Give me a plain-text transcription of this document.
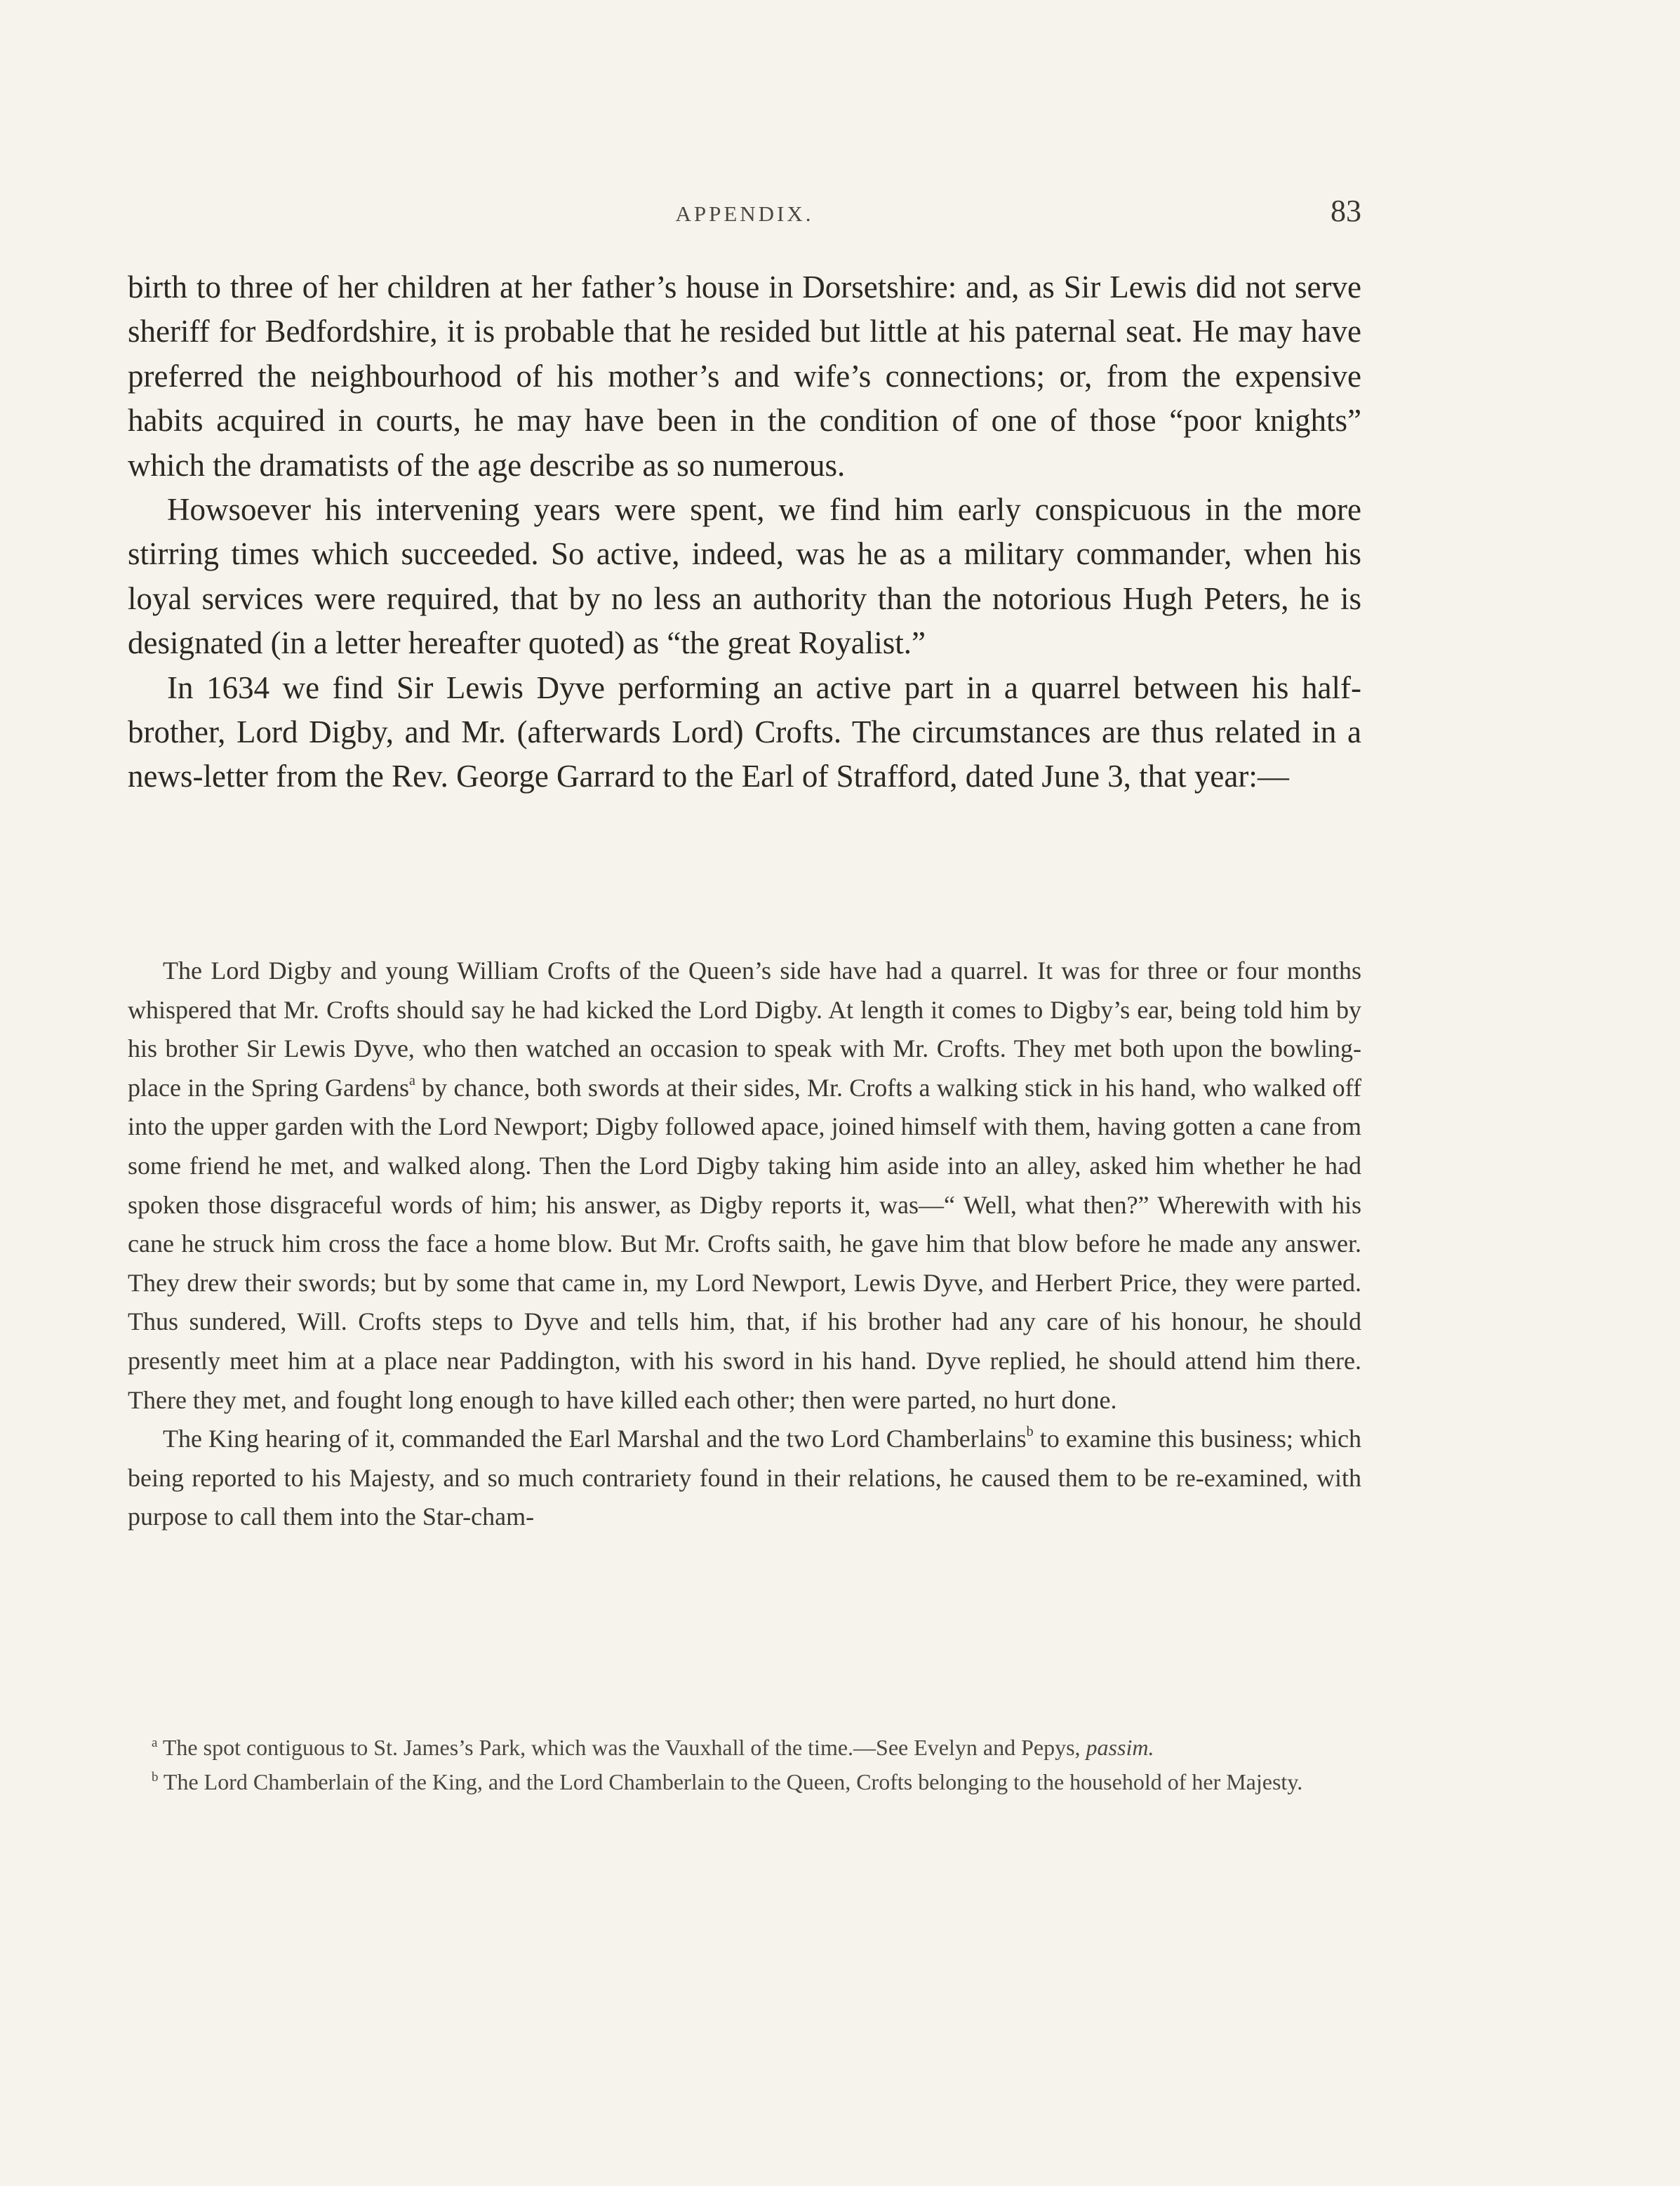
APPENDIX.	83

birth to three of her children at her father’s house in Dorsetshire: and, as Sir Lewis did not serve sheriff for Bedfordshire, it is probable that he resided but little at his paternal seat. He may have preferred the neighbourhood of his mother’s and wife’s connections; or, from the expensive habits acquired in courts, he may have been in the condition of one of those “poor knights” which the dramatists of the age describe as so numerous.

Howsoever his intervening years were spent, we find him early conspicuous in the more stirring times which succeeded. So active, indeed, was he as a military commander, when his loyal services were required, that by no less an authority than the notorious Hugh Peters, he is designated (in a letter hereafter quoted) as “the great Royalist.”

In 1634 we find Sir Lewis Dyve performing an active part in a quarrel between his half-brother, Lord Digby, and Mr. (afterwards Lord) Crofts. The circumstances are thus related in a news-letter from the Rev. George Garrard to the Earl of Strafford, dated June 3, that year:—

The Lord Digby and young William Crofts of the Queen’s side have had a quarrel. It was for three or four months whispered that Mr. Crofts should say he had kicked the Lord Digby. At length it comes to Digby’s ear, being told him by his brother Sir Lewis Dyve, who then watched an occasion to speak with Mr. Crofts. They met both upon the bowling-place in the Spring Gardens$^a$ by chance, both swords at their sides, Mr. Crofts a walking stick in his hand, who walked off into the upper garden with the Lord Newport; Digby followed apace, joined himself with them, having gotten a cane from some friend he met, and walked along. Then the Lord Digby taking him aside into an alley, asked him whether he had spoken those disgraceful words of him; his answer, as Digby reports it, was—“ Well, what then?” Wherewith with his cane he struck him cross the face a home blow. But Mr. Crofts saith, he gave him that blow before he made any answer. They drew their swords; but by some that came in, my Lord Newport, Lewis Dyve, and Herbert Price, they were parted. Thus sundered, Will. Crofts steps to Dyve and tells him, that, if his brother had any care of his honour, he should presently meet him at a place near Paddington, with his sword in his hand. Dyve replied, he should attend him there. There they met, and fought long enough to have killed each other; then were parted, no hurt done.

The King hearing of it, commanded the Earl Marshal and the two Lord Chamberlains$^b$ to examine this business; which being reported to his Majesty, and so much contrariety found in their relations, he caused them to be re-examined, with purpose to call them into the Star-cham-

$^a$ The spot contiguous to St. James’s Park, which was the Vauxhall of the time.—See Evelyn and Pepys, passim.

$^b$ The Lord Chamberlain of the King, and the Lord Chamberlain to the Queen, Crofts belonging to the household of her Majesty.
